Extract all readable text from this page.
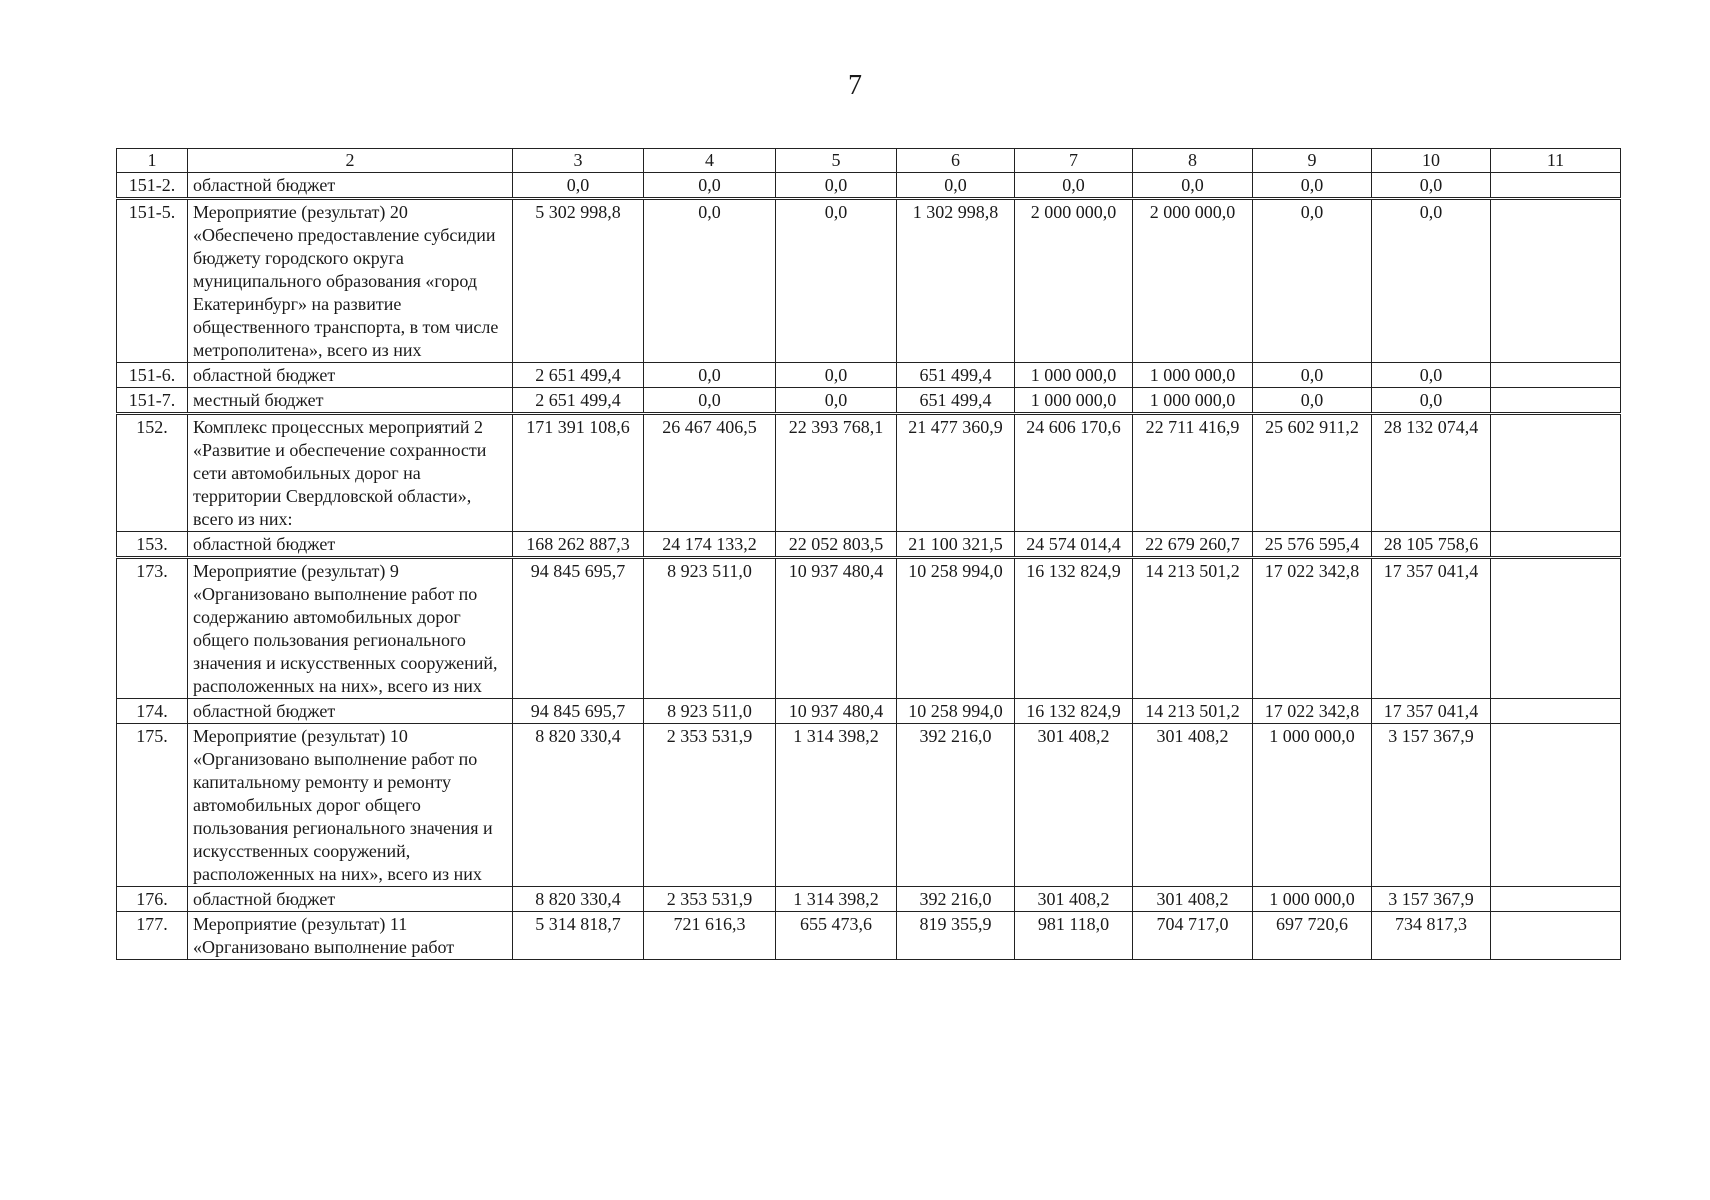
7
1	2	3	4	5	6	7	8	9	10	11
151-2.	областной бюджет	0,0	0,0	0,0	0,0	0,0	0,0	0,0	0,0	
151-5.	Мероприятие (результат) 20 «Обеспечено предоставление субсидии бюджету городского округа муниципального образования «город Екатеринбург» на развитие общественного транспорта, в том числе метрополитена», всего из них	5 302 998,8	0,0	0,0	1 302 998,8	2 000 000,0	2 000 000,0	0,0	0,0	
151-6.	областной бюджет	2 651 499,4	0,0	0,0	651 499,4	1 000 000,0	1 000 000,0	0,0	0,0	
151-7.	местный бюджет	2 651 499,4	0,0	0,0	651 499,4	1 000 000,0	1 000 000,0	0,0	0,0	
152.	Комплекс процессных мероприятий 2 «Развитие и обеспечение сохранности сети автомобильных дорог на территории Свердловской области», всего из них:	171 391 108,6	26 467 406,5	22 393 768,1	21 477 360,9	24 606 170,6	22 711 416,9	25 602 911,2	28 132 074,4	
153.	областной бюджет	168 262 887,3	24 174 133,2	22 052 803,5	21 100 321,5	24 574 014,4	22 679 260,7	25 576 595,4	28 105 758,6	
173.	Мероприятие (результат) 9 «Организовано выполнение работ по содержанию автомобильных дорог общего пользования регионального значения и искусственных сооружений, расположенных на них», всего из них	94 845 695,7	8 923 511,0	10 937 480,4	10 258 994,0	16 132 824,9	14 213 501,2	17 022 342,8	17 357 041,4	
174.	областной бюджет	94 845 695,7	8 923 511,0	10 937 480,4	10 258 994,0	16 132 824,9	14 213 501,2	17 022 342,8	17 357 041,4	
175.	Мероприятие (результат) 10 «Организовано выполнение работ по капитальному ремонту и ремонту автомобильных дорог общего пользования регионального значения и искусственных сооружений, расположенных на них», всего из них	8 820 330,4	2 353 531,9	1 314 398,2	392 216,0	301 408,2	301 408,2	1 000 000,0	3 157 367,9	
176.	областной бюджет	8 820 330,4	2 353 531,9	1 314 398,2	392 216,0	301 408,2	301 408,2	1 000 000,0	3 157 367,9	
177.	Мероприятие (результат) 11 «Организовано выполнение работ	5 314 818,7	721 616,3	655 473,6	819 355,9	981 118,0	704 717,0	697 720,6	734 817,3	
